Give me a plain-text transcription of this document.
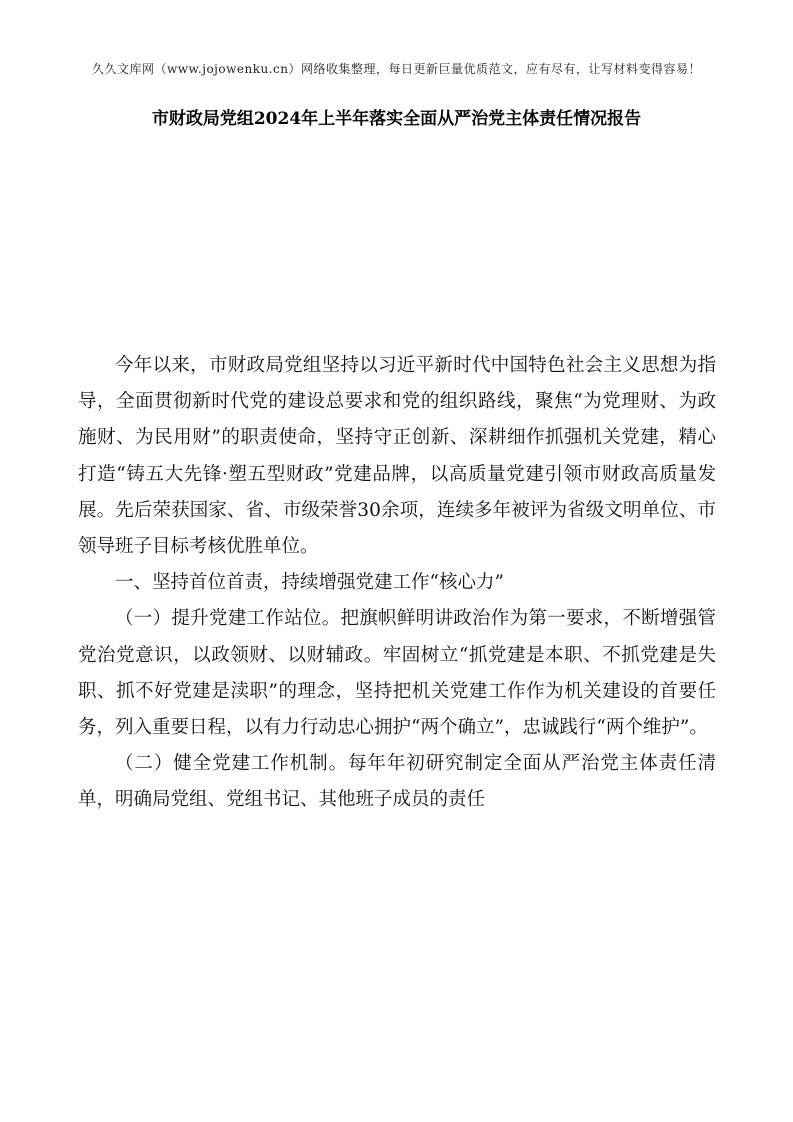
久久文库网（www.jojowenku.cn）网络收集整理，每日更新巨量优质范文，应有尽有，让写材料变得容易！
市财政局党组2024年上半年落实全面从严治党主体责任情况报告

今年以来，市财政局党组坚持以习近平新时代中国特色社会主义思想为指导，全面贯彻新时代党的建设总要求和党的组织路线，聚焦“为党理财、为政施财、为民用财”的职责使命，坚持守正创新、深耕细作抓强机关党建，精心打造“铸五大先锋·塑五型财政”党建品牌，以高质量党建引领市财政高质量发展。先后荣获国家、省、市级荣誉30余项，连续多年被评为省级文明单位、市领导班子目标考核优胜单位。

一、坚持首位首责，持续增强党建工作“核心力”

（一）提升党建工作站位。把旗帜鲜明讲政治作为第一要求，不断增强管党治党意识，以政领财、以财辅政。牢固树立“抓党建是本职、不抓党建是失职、抓不好党建是渎职”的理念，坚持把机关党建工作作为机关建设的首要任务，列入重要日程，以有力行动忠心拥护“两个确立”，忠诚践行“两个维护”。

（二）健全党建工作机制。每年年初研究制定全面从严治党主体责任清单，明确局党组、党组书记、其他班子成员的责任
